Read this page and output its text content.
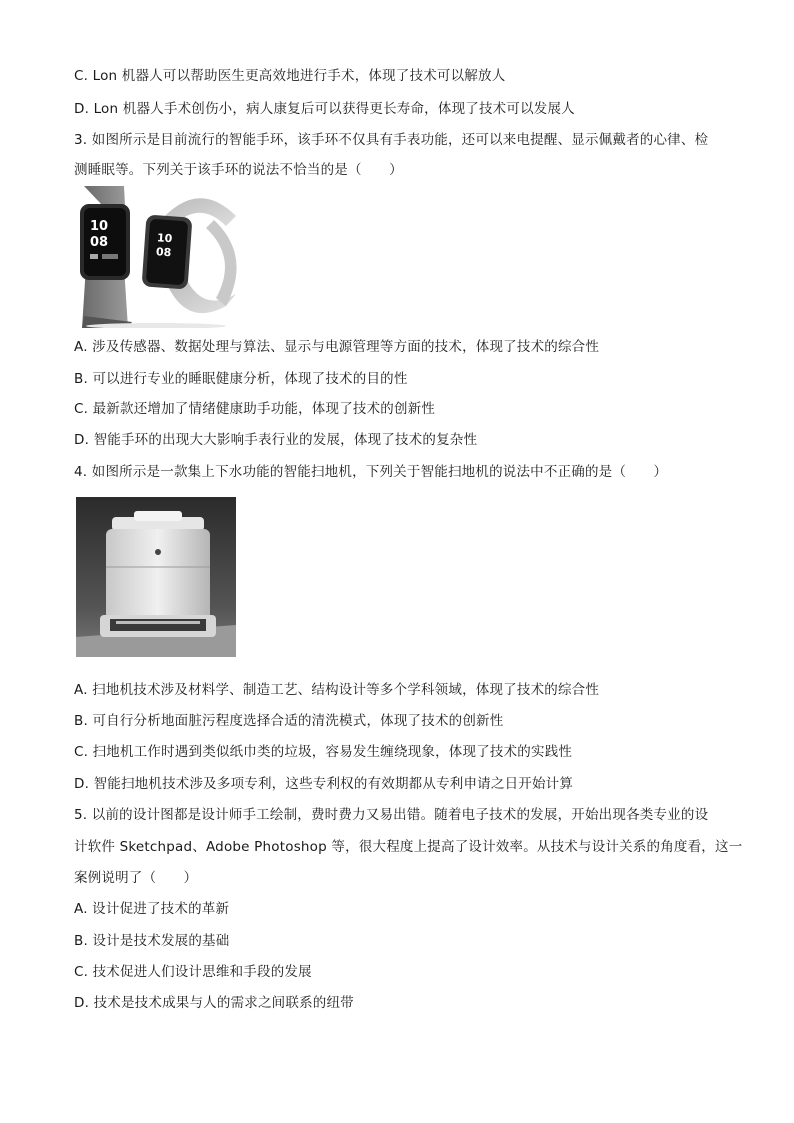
C. Lon 机器人可以帮助医生更高效地进行手术，体现了技术可以解放人
D. Lon 机器人手术创伤小，病人康复后可以获得更长寿命，体现了技术可以发展人
3. 如图所示是目前流行的智能手环，该手环不仅具有手表功能，还可以来电提醒、显示佩戴者的心律、检
测睡眠等。下列关于该手环的说法不恰当的是（　　）
10
08	10
08
A. 涉及传感器、数据处理与算法、显示与电源管理等方面的技术，体现了技术的综合性
B. 可以进行专业的睡眠健康分析，体现了技术的目的性
C. 最新款还增加了情绪健康助手功能，体现了技术的创新性
D. 智能手环的出现大大影响手表行业的发展，体现了技术的复杂性
4. 如图所示是一款集上下水功能的智能扫地机，下列关于智能扫地机的说法中不正确的是（　　）
A. 扫地机技术涉及材料学、制造工艺、结构设计等多个学科领域，体现了技术的综合性
B. 可自行分析地面脏污程度选择合适的清洗模式，体现了技术的创新性
C. 扫地机工作时遇到类似纸巾类的垃圾，容易发生缠绕现象，体现了技术的实践性
D. 智能扫地机技术涉及多项专利，这些专利权的有效期都从专利申请之日开始计算
5. 以前的设计图都是设计师手工绘制，费时费力又易出错。随着电子技术的发展，开始出现各类专业的设
计软件 Sketchpad、Adobe Photoshop 等，很大程度上提高了设计效率。从技术与设计关系的角度看，这一
案例说明了（　　）
A. 设计促进了技术的革新
B. 设计是技术发展的基础
C. 技术促进人们设计思维和手段的发展
D. 技术是技术成果与人的需求之间联系的纽带
